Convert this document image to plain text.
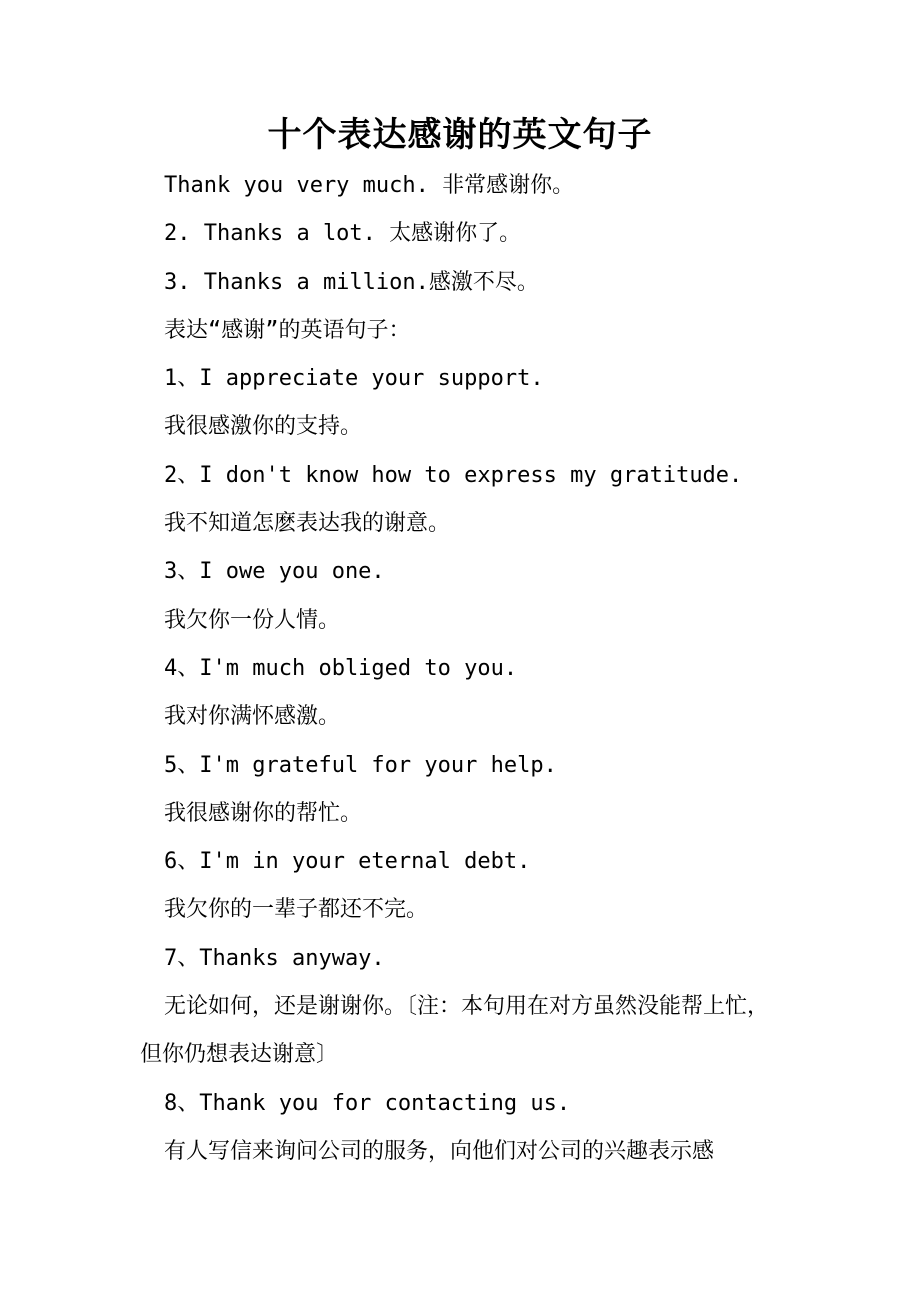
十个表达感谢的英文句子

Thank you very much. 非常感谢你。

2. Thanks a lot. 太感谢你了。

3. Thanks a million.感激不尽。

表达“感谢”的英语句子：

1、I appreciate your support.

我很感激你的支持。

2、I don't know how to express my gratitude.

我不知道怎麽表达我的谢意。

3、I owe you one.

我欠你一份人情。

4、I'm much obliged to you.

我对你满怀感激。

5、I'm grateful for your help.

我很感谢你的帮忙。

6、I'm in your eternal debt.

我欠你的一辈子都还不完。

7、Thanks anyway.

无论如何，还是谢谢你。〔注：本句用在对方虽然没能帮上忙，但你仍想表达谢意〕

8、Thank you for contacting us.

有人写信来询问公司的服务，向他们对公司的兴趣表示感
